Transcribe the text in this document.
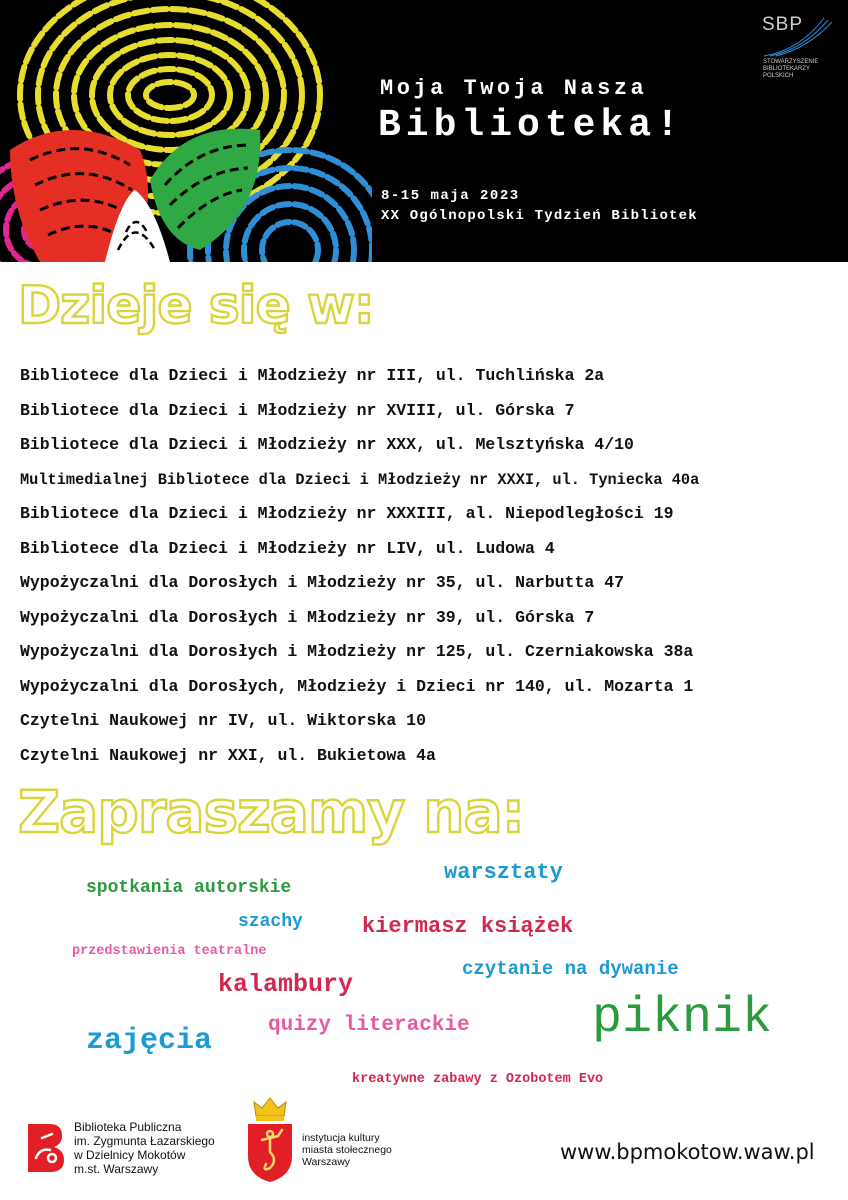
SBP
STOWARZYSZENIE
BIBLIOTEKARZY
POLSKICH
Moja Twoja Nasza
Biblioteka!
8-15 maja 2023
XX Ogólnopolski Tydzień Bibliotek
Dzieje się w:
Bibliotece dla Dzieci i Młodzieży nr III, ul. Tuchlińska 2a
Bibliotece dla Dzieci i Młodzieży nr XVIII, ul. Górska 7
Bibliotece dla Dzieci i Młodzieży nr XXX, ul. Melsztyńska 4/10
Multimedialnej Bibliotece dla Dzieci i Młodzieży nr XXXI, ul. Tyniecka 40a
Bibliotece dla Dzieci i Młodzieży nr XXXIII, al. Niepodległości 19
Bibliotece dla Dzieci i Młodzieży nr LIV, ul. Ludowa 4
Wypożyczalni dla Dorosłych i Młodzieży nr 35, ul. Narbutta 47
Wypożyczalni dla Dorosłych i Młodzieży nr 39, ul. Górska 7
Wypożyczalni dla Dorosłych i Młodzieży nr 125, ul. Czerniakowska 38a
Wypożyczalni dla Dorosłych, Młodzieży i Dzieci nr 140, ul. Mozarta 1
Czytelni Naukowej nr IV, ul. Wiktorska 10
Czytelni Naukowej nr XXI, ul. Bukietowa 4a
Zapraszamy na:
spotkania autorskie
warsztaty
szachy	kiermasz książek
przedstawienia teatralne
czytanie na dywanie
kalambury
piknik
quizy literackie
zajęcia
kreatywne zabawy z Ozobotem Evo
Biblioteka Publiczna
im. Zygmunta Łazarskiego
w Dzielnicy Mokotów
m.st. Warszawy
instytucja kultury
miasta stołecznego
Warszawy	www.bpmokotow.waw.pl
